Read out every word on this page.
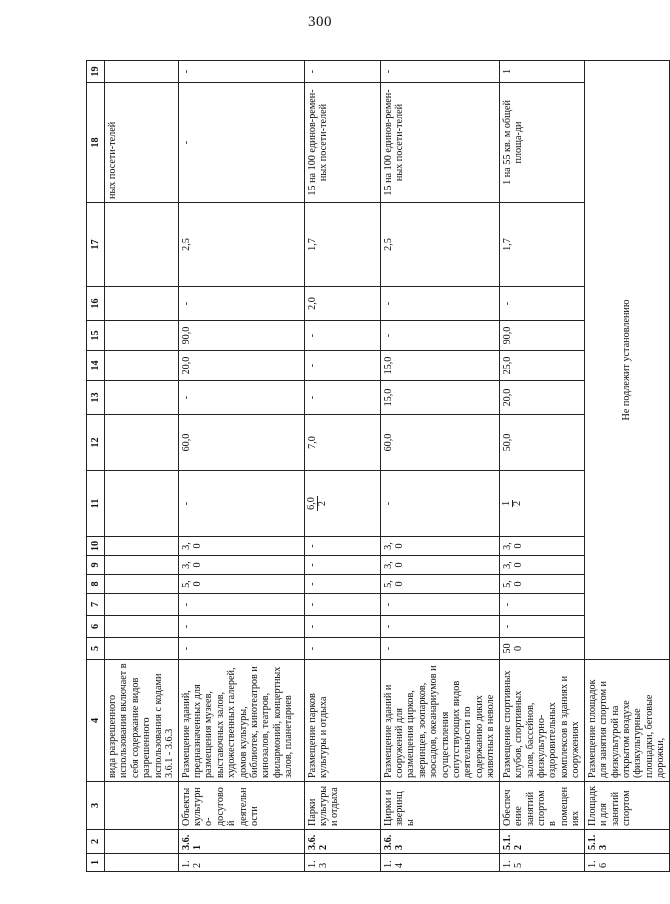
300
1	2	3	4	5	6	7	8	9	10	11	12	13	14	15	16	17	18	19
			вида разрешенного использования включает в себя содержание видов разрешенного использования с кодами 3.6.1 - 3.6.3														ных посети-телей	
1.2	3.6.1	Объекты культурно-досуговой деятельности	Размещение зданий, предназначенных для размещения музеев, выставочных залов, художественных галерей, домов культуры, библиотек, кинотеатров и кинозалов, театров, филармоний, концертных залов, планетариев	-	-	-	5,0	3,0	3,0	-	60,0	-	20,0	90,0	-	2,5	-	-
1.3	3.6.2	Парки культуры и отдыха	Размещение парков культуры и отдыха	-	-	-	-	-	-	6,0 2	7,0	-	-	-	2,0	1,7	15 на 100 единов-ремен-ных посети-телей	-
1.4	3.6.3	Цирки и зверинцы	Размещение зданий и сооружений для размещения цирков, зверинцев, зоопарков, зоосадов, океанариумов и осуществления сопутствующих видов деятельности по содержанию диких животных в неволе	-	-	-	5,0	3,0	3,0	-	60,0	15,0	15,0	-	-	2,5	15 на 100 единов-ремен-ных посети-телей	-
1.5	5.1.2	Обеспечение занятий спортом в помещениях	Размещение спортивных клубов, спортивных залов, бассейнов, физкультурно-оздоровительных комплексов в зданиях и сооружениях	500	-	-	5,0	3,0	3,0	1 2	50,0	20,0	25,0	90,0	-	1,7	1 на 55 кв. м общей площа-ди	1
1.6	5.1.3	Площадки для занятий спортом	Размещение площадок для занятия спортом и физкультурой на открытом воздухе (физкультурные площадки, беговые дорожки,	Не подлежит установлению														
